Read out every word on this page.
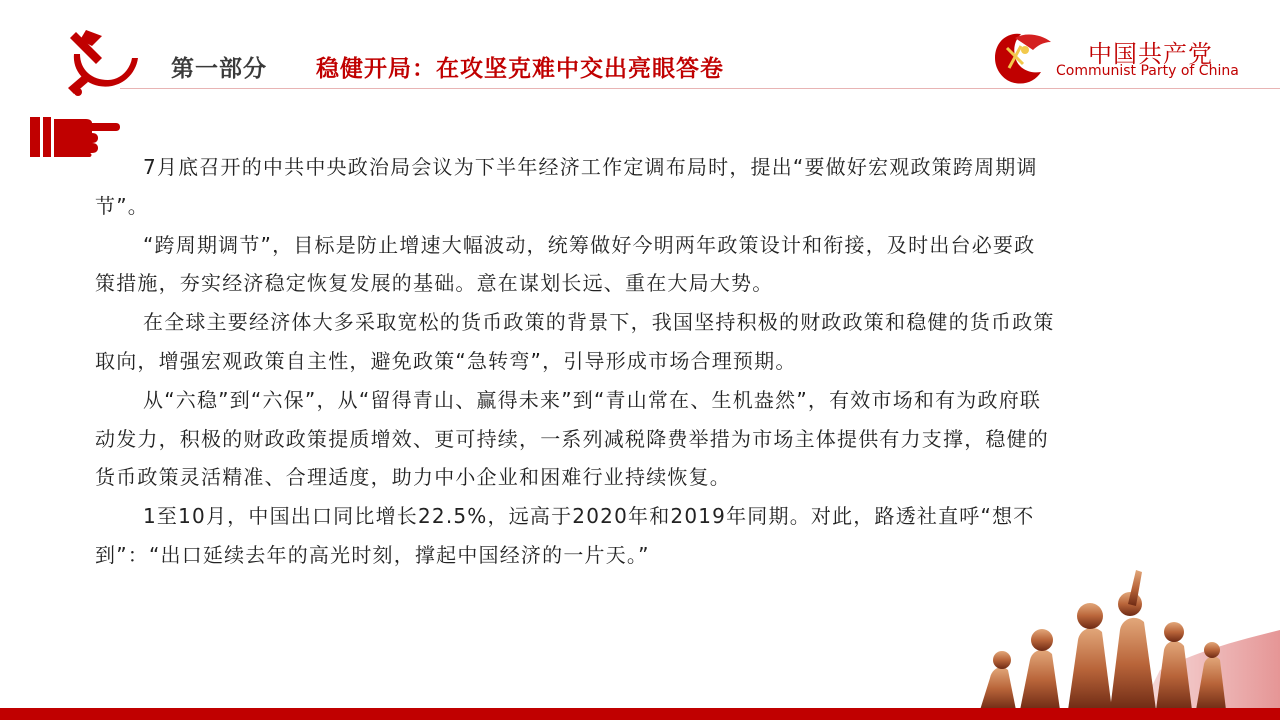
第一部分 稳健开局：在攻坚克难中交出亮眼答卷
中国共产党
Communist Party of China

7月底召开的中共中央政治局会议为下半年经济工作定调布局时，提出“要做好宏观政策跨周期调节”。

“跨周期调节”，目标是防止增速大幅波动，统筹做好今明两年政策设计和衔接，及时出台必要政策措施，夯实经济稳定恢复发展的基础。意在谋划长远、重在大局大势。

在全球主要经济体大多采取宽松的货币政策的背景下，我国坚持积极的财政政策和稳健的货币政策取向，增强宏观政策自主性，避免政策“急转弯”，引导形成市场合理预期。

从“六稳”到“六保”，从“留得青山、赢得未来”到“青山常在、生机盎然”，有效市场和有为政府联动发力，积极的财政政策提质增效、更可持续，一系列减税降费举措为市场主体提供有力支撑，稳健的货币政策灵活精准、合理适度，助力中小企业和困难行业持续恢复。

1至10月，中国出口同比增长22.5%，远高于2020年和2019年同期。对此，路透社直呼“想不到”：“出口延续去年的高光时刻，撑起中国经济的一片天。”
